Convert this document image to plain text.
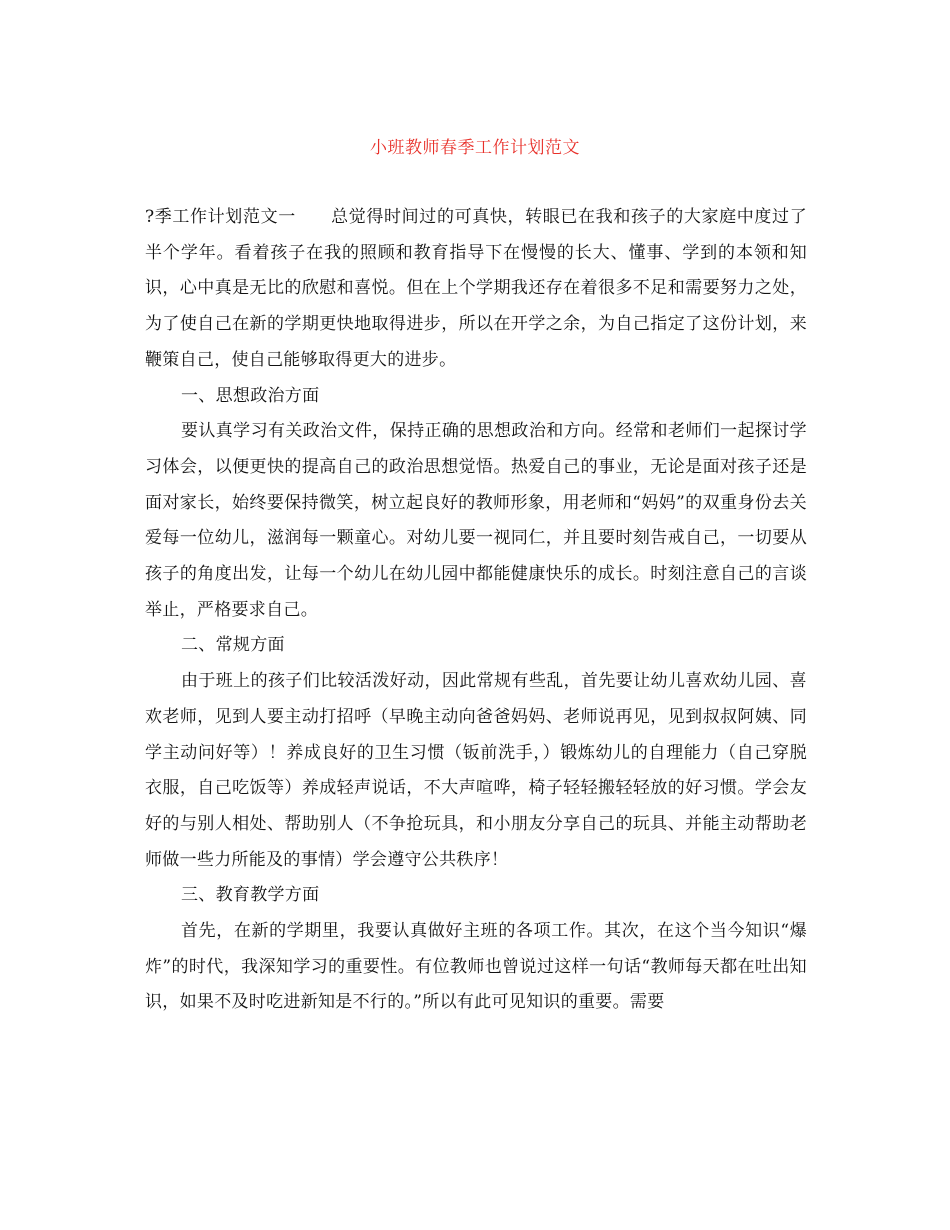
小班教师春季工作计划范文

?季工作计划范文一　　总觉得时间过的可真快，转眼已在我和孩子的大家庭中度过了半个学年。看着孩子在我的照顾和教育指导下在慢慢的长大、懂事、学到的本领和知识，心中真是无比的欣慰和喜悦。但在上个学期我还存在着很多不足和需要努力之处，为了使自己在新的学期更快地取得进步，所以在开学之余，为自己指定了这份计划，来鞭策自己，使自己能够取得更大的进步。

一、思想政治方面

要认真学习有关政治文件，保持正确的思想政治和方向。经常和老师们一起探讨学习体会，以便更快的提高自己的政治思想觉悟。热爱自己的事业，无论是面对孩子还是面对家长，始终要保持微笑，树立起良好的教师形象，用老师和“妈妈”的双重身份去关爱每一位幼儿，滋润每一颗童心。对幼儿要一视同仁，并且要时刻告戒自己，一切要从孩子的角度出发，让每一个幼儿在幼儿园中都能健康快乐的成长。时刻注意自己的言谈举止，严格要求自己。

二、常规方面

由于班上的孩子们比较活泼好动，因此常规有些乱，首先要让幼儿喜欢幼儿园、喜欢老师，见到人要主动打招呼（早晚主动向爸爸妈妈、老师说再见，见到叔叔阿姨、同学主动问好等）！养成良好的卫生习惯（钣前洗手，）锻炼幼儿的自理能力（自己穿脱衣服，自己吃饭等）养成轻声说话，不大声喧哗，椅子轻轻搬轻轻放的好习惯。学会友好的与别人相处、帮助别人（不争抢玩具，和小朋友分享自己的玩具、并能主动帮助老师做一些力所能及的事情）学会遵守公共秩序！

三、教育教学方面

首先，在新的学期里，我要认真做好主班的各项工作。其次，在这个当今知识“爆炸”的时代，我深知学习的重要性。有位教师也曾说过这样一句话“教师每天都在吐出知识，如果不及时吃进新知是不行的。”所以有此可见知识的重要。需要
